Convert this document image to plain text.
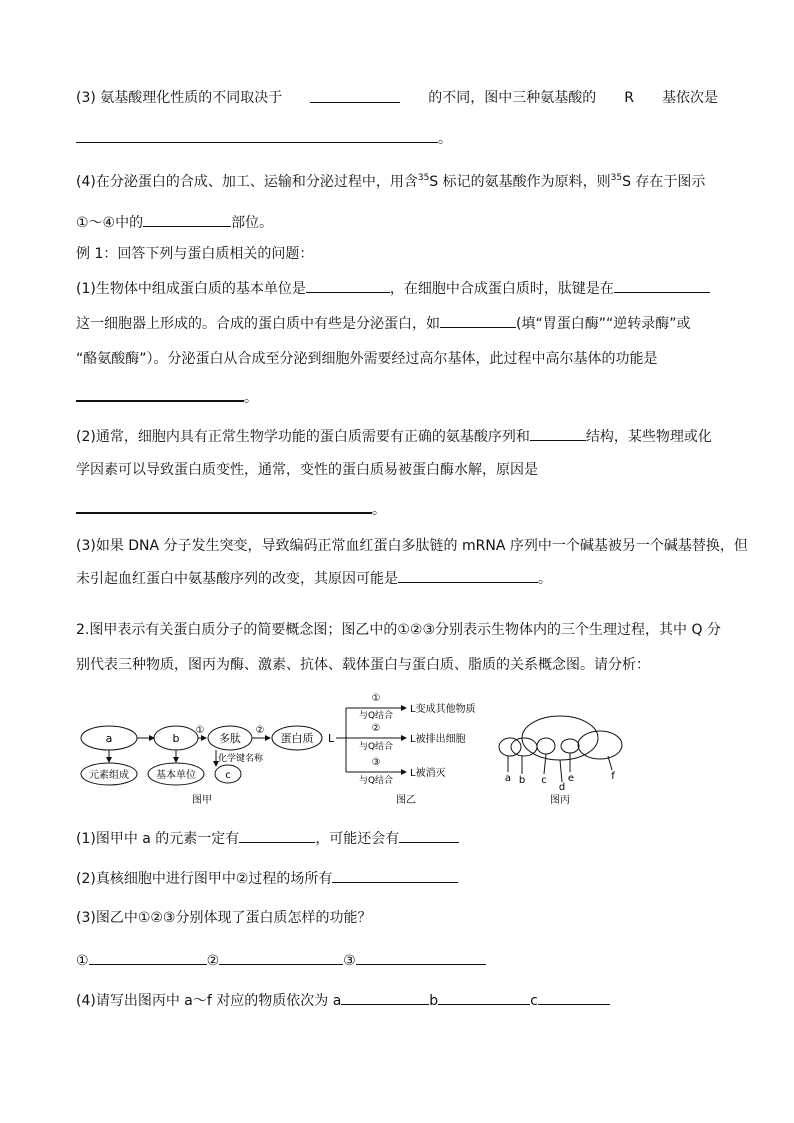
(3) 氨基酸理化性质的不同取决于	的不同，图中三种氨基酸的 R 基依次是
。
(4)在分泌蛋白的合成、加工、运输和分泌过程中，用含$^{35}$S 标记的氨基酸作为原料，则$^{35}$S 存在于图示
①～④中的	部位。
例 1：回答下列与蛋白质相关的问题：
(1)生物体中组成蛋白质的基本单位是	，在细胞中合成蛋白质时，肽键是在
这一细胞器上形成的。合成的蛋白质中有些是分泌蛋白，如	(填“胃蛋白酶”“逆转录酶”或
“酪氨酸酶”）。分泌蛋白从合成至分泌到细胞外需要经过高尔基体，此过程中高尔基体的功能是
。
(2)通常，细胞内具有正常生物学功能的蛋白质需要有正确的氨基酸序列和	结构，某些物理或化
学因素可以导致蛋白质变性，通常，变性的蛋白质易被蛋白酶水解，原因是
。
(3)如果 DNA 分子发生突变，导致编码正常血红蛋白多肽链的 mRNA 序列中一个碱基被另一个碱基替换，但
未引起血红蛋白中氨基酸序列的改变，其原因可能是	。
2.图甲表示有关蛋白质分子的简要概念图；图乙中的①②③分别表示生物体内的三个生理过程，其中 Q 分
别代表三种物质，图丙为酶、激素、抗体、载体蛋白与蛋白质、脂质的关系概念图。请分析：
a	b
①
多肽
②
蛋白质
元素组成	基本单位
化学键名称
c
图甲
L
①
与Q结合
L变成其他物质
②
与Q结合
L被排出细胞
③
与Q结合
L被消灭
图乙
a b c
d
e	f
图丙
(1)图甲中 a 的元素一定有	，可能还会有
(2)真核细胞中进行图甲中②过程的场所有
(3)图乙中①②③分别体现了蛋白质怎样的功能？
①	②	③
(4)请写出图丙中 a～f 对应的物质依次为 a	b	c
